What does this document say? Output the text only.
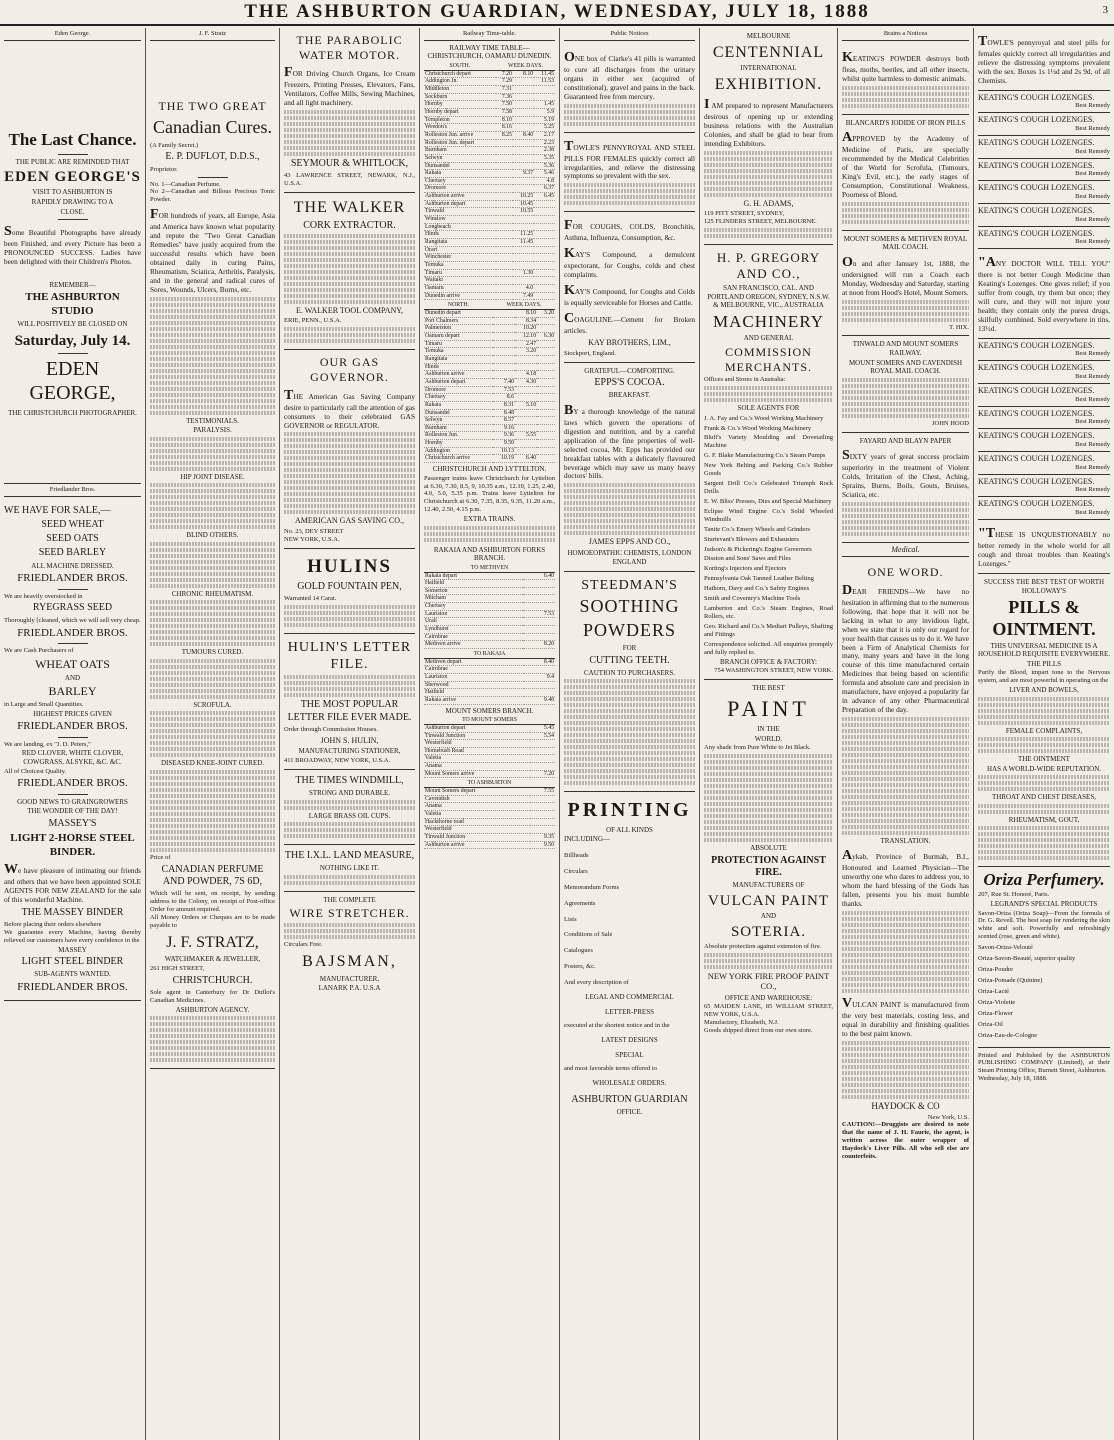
THE ASHBURTON GUARDIAN, WEDNESDAY, JULY 18, 1888	3
Eden George.
The Last Chance.
THE PUBLIC ARE REMINDED THAT
EDEN GEORGE'S
VISIT TO ASHBURTON IS
RAPIDLY DRAWING TO A
CLOSE.
Some Beautiful Photographs have already been Finished, and every Picture has been a PRONOUNCED SUCCESS. Ladies have been delighted with their Children's Photos.
REMEMBER—
THE ASHBURTON STUDIO
WILL POSITIVELY BE CLOSED ON
Saturday, July 14.
EDEN GEORGE,
THE CHRISTCHURCH PHOTOGRAPHER.
Friedlander Bros.
WE HAVE FOR SALE,—
SEED WHEAT
SEED OATS
SEED BARLEY
ALL MACHINE DRESSED.
FRIEDLANDER BROS.
We are heavily overstocked in
RYEGRASS SEED
Thoroughly [cleaned, which we will sell very cheap.
FRIEDLANDER BROS.
We are Cash Purchasers of
WHEAT OATS
AND
BARLEY
in Large and Small Quantities.
HIGHEST PRICES GIVEN
FRIEDLANDER BROS.
We are landing, ex "J. D. Peters,"
RED CLOVER, WHITE CLOVER, COWGRASS, ALSYKE, &C. &C.
All of Choicest Quality.
FRIEDLANDER BROS.
GOOD NEWS TO GRAINGROWERS
THE WONDER OF THE DAY!
MASSEY'S
LIGHT 2-HORSE STEEL BINDER.
We have pleasure of intimating our friends and others that we have been appointed SOLE AGENTS FOR NEW ZEALAND for the sale of this wonderful Machine.
THE MASSEY BINDER
Before placing their orders elsewhere
We guarantee every Machine, having thereby relieved our customers have every confidence in the
MASSEY
LIGHT STEEL BINDER
SUB-AGENTS WANTED.
FRIEDLANDER BROS.
J. F. Stratz
THE TWO GREAT
Canadian Cures.
(A Family Secret.)
E. P. DUFLOT, D.D.S.,
Proprietor.
No. 1—Canadian Perfume.
No 2—Canadian and Billous Precious Tonic Powder.
FOR hundreds of years, all Europe, Asia and America have known what popularity and repute the "Two Great Canadian Remedies" have justly acquired from the successful results which have been obtained daily in curing Pains, Rheumatism, Sciatica, Arthritis, Paralysis, and in the general and radical cures of Sores, Wounds, Ulcers, Burns, etc.
TESTIMONIALS.
PARALYSIS.
HIP JOINT DISEASE.
BLIND OTHERS.
CHRONIC RHEUMATISM.
TUMOURS CURED.
SCROFULA.
DISEASED KNEE-JOINT CURED.
Price of
CANADIAN PERFUME AND POWDER, 7S 6D,
Which will be sent, on receipt, by sending address to the Colony, on receipt of Post-office Order for amount required.
All Money Orders or Cheques are to be made payable to
J. F. STRATZ,
WATCHMAKER & JEWELLER,
261 HIGH STREET,
CHRISTCHURCH.
Sole agent in Canterbury for Dr Duflot's Canadian Medicines.
ASHBURTON AGENCY.
THE PARABOLIC WATER MOTOR.
FOR Driving Church Organs, Ice Cream Freezers, Printing Presses, Elevators, Fans, Ventilators, Coffee Mills, Sewing Machines, and all light machinery.
SEYMOUR & WHITLOCK,
43 LAWRENCE STREET, NEWARK, N.J., U.S.A.
THE WALKER
CORK EXTRACTOR.
E. WALKER TOOL COMPANY,
ERIE, PENN., U.S.A.
OUR GAS GOVERNOR.
THE American Gas Saving Company desire to particularly call the attention of gas consumers to their celebrated GAS GOVERNOR or REGULATOR.
AMERICAN GAS SAVING CO.,
No. 23, DEY STREET
NEW YORK, U.S.A.
HULINS
GOLD FOUNTAIN PEN,
Warranted 14 Carat.
HULIN'S LETTER FILE.
THE MOST POPULAR LETTER FILE EVER MADE.
Order through Commission Houses.
JOHN S. HULIN,
MANUFACTURING STATIONER,
411 BROADWAY, NEW YORK, U.S.A.
THE TIMES WINDMILL,
STRONG AND DURABLE.
LARGE BRASS OIL CUPS.
THE I.X.L. LAND MEASURE,
NOTHING LIKE IT.
THE COMPLETE
WIRE STRETCHER.
Circulars Free.
BAJSMAN,
MANUFACTURER,
LANARK P.A. U.S.A
Railway Time-table.
RAILWAY TIME TABLE—CHRISTCHURCH, OAMARU DUNEDIN.
SOUTH.	WEEK DAYS.		
Christchurch depart	7.20	8.10	11.45
Addington Jn.	7.29		11.53
Middleton	7.31		
Sockburn	7.36		
Hornby	7.50		1.45
Hornby depart	7.58		5.9
Templeton	8.10		5.19
Weedon's	8.16		5.25
Rolleston Jun. arrive	8.25	8.40	2.17
Rolleston Jun. depart			2.23
Burnham			2.38
Selwyn			5.35
Dunsandel			5.36
Rakaia		9.37	5.46
Chertsey			4.8
Dromore			6.37
Ashburton arrive		10.25	6.45
Ashburton depart		10.45	
Tinwald		10.55	
Winslow			
Longbeach			
Hinds		11.25	
Rangitata		11.45	
Orari			
Winchester			
Temuka			
Timaru		1.30	
Waitaki			
Oamaru		4.0	
Dunedin arrive		7.49	
NORTH.	WEEK DAYS.		
Dunedin depart		8.10	3.20
Port Chalmers		8.34	
Palmerston		10.20	
Oamaru depart		12.10	6.30
Timaru		2.47	
Temuka		3.20	
Rangitata			
Hinds			
Ashburton arrive		4.18	
Ashburton depart	7.40	4.30	
Dromore	7.53		
Chertsey	8.6		
Rakaia	8.31	5.10	
Dunsandel	8.48		
Selwyn	8.57		
Burnham	9.16		
Rolleston Jun.	9.36	5.55	
Hornby	9.50		
Addington	10.13		
Christchurch arrive	10.19	6.40	
CHRISTCHURCH AND LYTTELTON.
Passenger trains leave Christchurch for Lyttelton at 6.30, 7.30, 8.5, 9, 10.35 a.m., 12.10, 1.25, 2.40, 4.0, 5.0, 5.35 p.m. Trains leave Lyttelton for Christchurch at 6.30, 7.35, 8.35, 9.35, 11.20 a.m., 12.40, 2.50, 4.15 p.m.
EXTRA TRAINS.
RAKAIA AND ASHBURTON FORKS BRANCH.
TO METHVEN	
Rakaia depart	6.40
Hatfield	
Somerton	
Mitcham	
Chertsey	
Lauriston	7.53
Urali	
Lyndhurst	
Cairnbrae	
Methven arrive	8.20
TO RAKAIA	
Methven depart	8.40
Cairnbrae	
Lauriston	9.4
Sherwood	
Hatfield	
Rakaia arrive	9.48
MOUNT SOMERS BRANCH.
TO MOUNT SOMERS	
Ashburton depart	5.45
Tinwald Junction	5.54
Westerfield	
Homebush Road	
Valetta	
Anama	
Mount Somers arrive	7.20
TO ASHBURTON	
Mount Somers depart	7.55
Cavendish	
Anama	
Valetta	
Hackthorne road	
Westerfield	
Tinwald Junction	9.35
Ashburton arrive	9.50
Public Notices
ONE box of Clarke's 41 pills is warranted to cure all discharges from the urinary organs in either sex (acquired of constitutional), gravel and pains in the back. Guaranteed free from mercury.
TOWLE'S PENNYROYAL AND STEEL PILLS FOR FEMALES quickly correct all irregularities, and relieve the distressing symptoms so prevalent with the sex.
FOR COUGHS, COLDS, Bronchitis, Asthma, Influenza, Consumption, &c.
KAY'S Compound, a demulcent expectorant, for Coughs, colds and chest complaints.
KAY'S Compound, for Coughs and Colds is equally serviceable for Horses and Cattle.
COAGULINE.—Cement for Broken articles.
KAY BROTHERS, LIM.,
Stockport, England.
GRATEFUL—COMFORTING.
EPPS'S COCOA.
BREAKFAST.
BY a thorough knowledge of the natural laws which govern the operations of digestion and nutrition, and by a careful application of the fine properties of well-selected cocoa, Mr. Epps has provided our breakfast tables with a delicately flavoured beverage which may save us many heavy doctors' bills.
JAMES EPPS AND CO.,
HOMOEOPATHIC CHEMISTS, LONDON ENGLAND
STEEDMAN'S
SOOTHING
POWDERS
FOR
CUTTING TEETH.
CAUTION TO PURCHASERS.
PRINTING
OF ALL KINDS
INCLUDING—
Billheads
Circulars
Memorandum Forms
Agreements
Lists
Conditions of Sale
Catalogues
Posters, &c.
And every description of
LEGAL AND COMMERCIAL
LETTER-PRESS
executed at the shortest notice and in the
LATEST DESIGNS
SPECIAL
and most favorable terms offered to
WHOLESALE ORDERS.
ASHBURTON GUARDIAN
OFFICE.
MELBOURNE
CENTENNIAL
INTERNATIONAL
EXHIBITION.
I AM prepared to represent Manufacturers desirous of opening up or extending business relations with the Australian Colonies, and shall be glad to hear from intending Exhibitors.
G. H. ADAMS,
119 PITT STREET, SYDNEY,
125 FLINDERS STREET, MELBOURNE.
H. P. GREGORY AND CO.,
SAN FRANCISCO, CAL. AND PORTLAND OREGON, SYDNEY, N.S.W. & MELBOURNE, VIC., AUSTRALIA
MACHINERY
AND GENERAL
COMMISSION MERCHANTS.
Offices and Stores in Australia:
SOLE AGENTS FOR
J. A. Fay and Co.'s Wood Working Machinery
Frank & Co.'s Wood Working Machinery
Bluff's Variety Moulding and Dovetailing Machine
G. F. Blake Manufacturing Co.'s Steam Pumps
New York Belting and Packing Co.'s Rubber Goods
Sargent Drill Co.'s Celebrated Triumph Rock Drills
E. W. Bliss' Presses, Dies and Special Machinery
Eclipse Wind Engine Co.'s Solid Wheeled Windmills
Tanite Co.'s Emery Wheels and Grinders
Sturtevant's Blowers and Exhausters
Judson's & Pickering's Engine Governors
Disston and Sons' Saws and Files
Korting's Injectors and Ejectors
Pennsylvania Oak Tanned Leather Belting
Hathorn, Davy and Co.'s Safety Engines
Smith and Coventry's Machine Tools
Lamberton and Co.'s Steam Engines, Road Rollers, etc.
Geo. Richard and Co.'s Mediart Pulleys, Shafting and Fittings
Correspondence solicited. All enquiries promptly and fully replied to.
BRANCH OFFICE & FACTORY:
754 WASHINGTON STREET, NEW YORK.
THE BEST
PAINT
IN THE
WORLD.
Any shade from Pure White to Jet Black.
ABSOLUTE
PROTECTION AGAINST FIRE.
MANUFACTURERS OF
VULCAN PAINT
AND
SOTERIA.
Absolute protection against extension of fire.
NEW YORK FIRE PROOF PAINT CO.,
OFFICE AND WAREHOUSE:
65 MAIDEN LANE, 85 WILLIAM STREET, NEW YORK, U.S.A.
Manufactory, Elizabeth, N.J.
Goods shipped direct from our own store.
Brains a Noticea
KEATING'S POWDER destroys both fleas, moths, beetles, and all other insects, whilst quite harmless to domestic animals.
BLANCARD'S IODIDE OF IRON PILLS
APPROVED by the Academy of Medicine of Paris, are specially recommended by the Medical Celebrities of the World for Scrofula, (Tumours, King's Evil, etc.), the early stages of Consumption, Constitutional Weakness, Poorness of Blood.
MOUNT SOMERS & METHVEN ROYAL MAIL COACH.
On and after January 1st, 1888, the undersigned will run a Coach each Monday, Wednesday and Saturday, starting at noon from Hood's Hotel, Mount Somers.
T. HIX.
TINWALD AND MOUNT SOMERS RAILWAY.
MOUNT SOMERS AND CAVENDISH ROYAL MAIL COACH.
JOHN HOOD
FAYARD AND BLAYN PAPER
SIXTY years of great success proclaim superiority in the treatment of Violent Colds, Irritation of the Chest, Aching, Sprains, Burns, Boils, Gouts, Bruises, Sciatica, etc.
Medical.
ONE WORD.
DEAR FRIENDS—We have no hesitation in affirming that to the numerous following, that hope that it will not be lacking in what to any invidious light, when we state that it is only our regard for your health that causes us to do it. We have been a Firm of Analytical Chemists for many, many years and have in the long course of this time manufactured certain Medicines that being based on scientific formula and absolute care and precision in manufacture, have enjoyed a popularity far in advance of any other Pharmaceutical Preparation of the day.
TRANSLATION.
Aykab, Province of Burmah, B.I., Honoured and Learned Physician—The unworthy one who dares to address you, to whom the hard blessing of the Gods has fallen, presents you his most humble thanks.
VULCAN PAINT is manufactured from the very best materials, costing less, and equal in durability and finishing qualities to the best paint known.
HAYDOCK & CO
New York, U.S.
CAUTION!—Druggists are desired to note that the name of J. H. Faurie, the agent, is written across the outer wrapper of Haydock's Liver Pills. All who sell else are counterfeits.
TOWLE'S pennyroyal and steel pills for females quickly correct all irregularities and relieve the distressing symptoms prevalent with the sex. Boxes 1s 1½d and 2s 9d, of all Chemists.
KEATING'S COUGH LOZENGES.
Best Remedy
KEATING'S COUGH LOZENGES.
Best Remedy
KEATING'S COUGH LOZENGES.
Best Remedy
KEATING'S COUGH LOZENGES.
Best Remedy
KEATING'S COUGH LOZENGES.
Best Remedy
KEATING'S COUGH LOZENGES.
Best Remedy
KEATING'S COUGH LOZENGES.
Best Remedy
"ANY DOCTOR WILL TELL YOU" there is not better Cough Medicine than Keating's Lozenges. One gives relief; if you suffer from cough, try them but once; they will cure, and they will not injure your health; they contain only the purest drugs, skilfully combined. Sold everywhere in tins, 13½d.
KEATING'S COUGH LOZENGES.
Best Remedy
KEATING'S COUGH LOZENGES.
Best Remedy
KEATING'S COUGH LOZENGES.
Best Remedy
KEATING'S COUGH LOZENGES.
Best Remedy
KEATING'S COUGH LOZENGES.
Best Remedy
KEATING'S COUGH LOZENGES.
Best Remedy
KEATING'S COUGH LOZENGES.
Best Remedy
KEATING'S COUGH LOZENGES.
Best Remedy
"THESE IS UNQUESTIONABLY no better remedy in the whole world for all cough and throat troubles than Keating's Lozenges."
SUCCESS THE BEST TEST OF WORTH
HOLLOWAY'S
PILLS & OINTMENT.
THIS UNIVERSAL MEDICINE IS A HOUSEHOLD REQUISITE EVERYWHERE.
THE PILLS
Purify the Blood, impart tone to the Nervous system, and are most powerful in operating on the
LIVER AND BOWELS,
FEMALE COMPLAINTS,
THE OINTMENT
HAS A WORLD-WIDE REPUTATION.
THROAT AND CHEST DISEASES,
RHEUMATISM, GOUT,
Oriza Perfumery.
207, Rue St. Honoré, Paris.
LEGRAND'S SPECIAL PRODUCTS
Savon-Oriza (Oriza Soap)—From the formula of Dr. G. Revell. The best soap for rendering the skin white and soft. Powerfully and refreshingly scented (rose, green and white).
Savon-Oriza-Velouté
Oriza-Savon-Beauté, superior quality
Oriza-Poudre
Oriza-Pomade (Quinine)
Oriza-Lacté
Oriza-Violette
Oriza-Flower
Oriza-Oil
Oriza-Eau-de-Cologne
Printed and Published by the ASHBURTON PUBLISHING COMPANY (Limited), at their Steam Printing Office, Burnett Street, Ashburton.
Wednesday, July 18, 1888.
